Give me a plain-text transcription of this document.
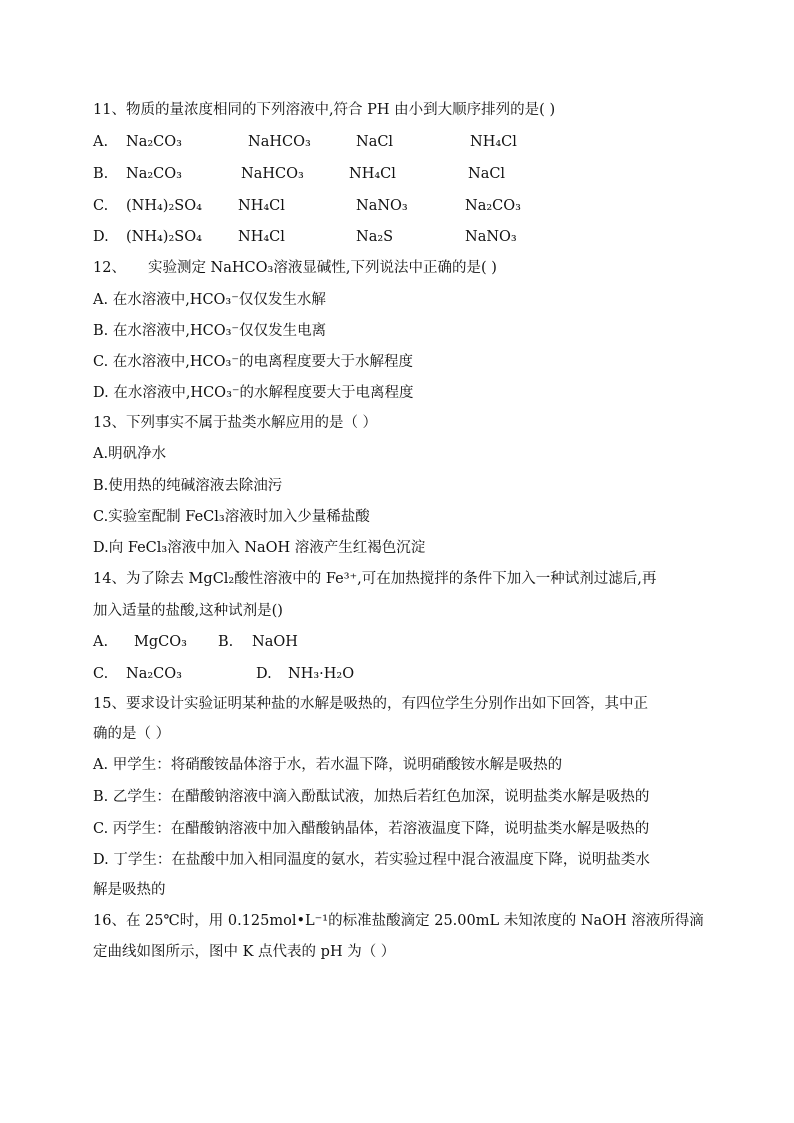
11、物质的量浓度相同的下列溶液中,符合 PH 由小到大顺序排列的是( )
A. Na₂CO₃	NaHCO₃	NaCl	NH₄Cl
B. Na₂CO₃	NaHCO₃	NH₄Cl	NaCl
C. (NH₄)₂SO₄ NH₄Cl	NaNO₃	Na₂CO₃
D. (NH₄)₂SO₄ NH₄Cl	Na₂S	NaNO₃
12、 实验测定 NaHCO₃溶液显碱性,下列说法中正确的是( )
A. 在水溶液中,HCO₃⁻仅仅发生水解
B. 在水溶液中,HCO₃⁻仅仅发生电离
C. 在水溶液中,HCO₃⁻的电离程度要大于水解程度
D. 在水溶液中,HCO₃⁻的水解程度要大于电离程度
13、下列事实不属于盐类水解应用的是（ ）
A.明矾净水
B.使用热的纯碱溶液去除油污
C.实验室配制 FeCl₃溶液时加入少量稀盐酸
D.向 FeCl₃溶液中加入 NaOH 溶液产生红褐色沉淀
14、为了除去 MgCl₂酸性溶液中的 Fe³⁺,可在加热搅拌的条件下加入一种试剂过滤后,再
加入适量的盐酸,这种试剂是()
A. MgCO₃ B. NaOH
C. Na₂CO₃	D. NH₃·H₂O
15、要求设计实验证明某种盐的水解是吸热的，有四位学生分别作出如下回答，其中正
确的是（ ）
A. 甲学生：将硝酸铵晶体溶于水，若水温下降，说明硝酸铵水解是吸热的
B. 乙学生：在醋酸钠溶液中滴入酚酞试液，加热后若红色加深，说明盐类水解是吸热的
C. 丙学生：在醋酸钠溶液中加入醋酸钠晶体，若溶液温度下降，说明盐类水解是吸热的
D. 丁学生：在盐酸中加入相同温度的氨水，若实验过程中混合液温度下降，说明盐类水
解是吸热的
16、在 25℃时，用 0.125mol•L⁻¹的标准盐酸滴定 25.00mL 未知浓度的 NaOH 溶液所得滴
定曲线如图所示，图中 K 点代表的 pH 为（ ）
